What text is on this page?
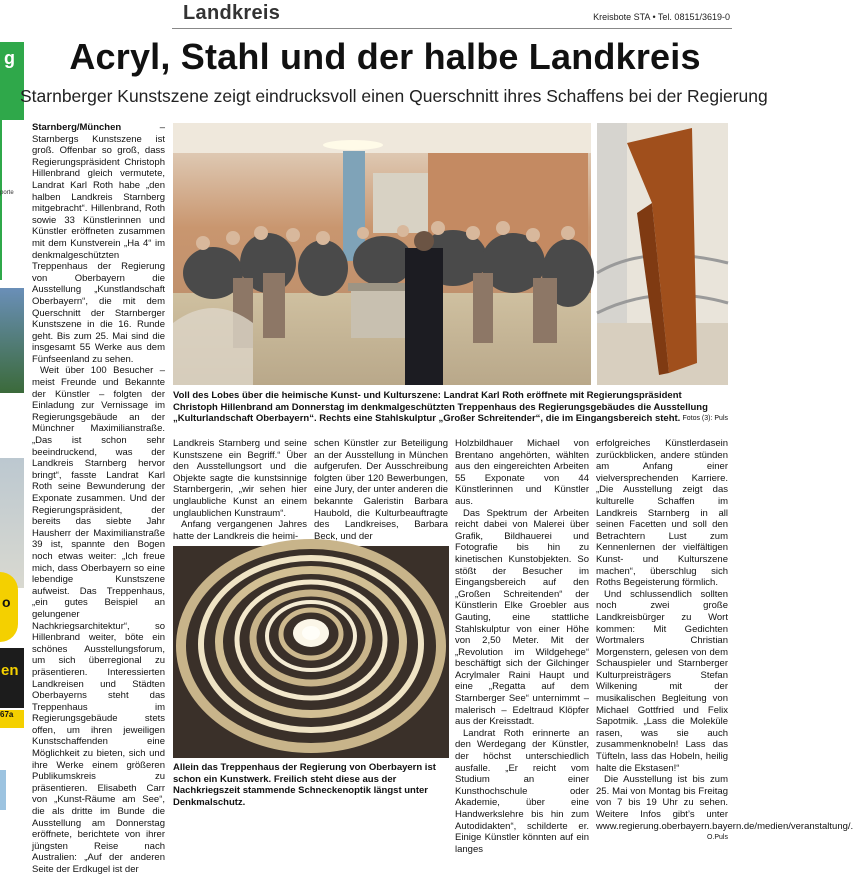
Landkreis	Kreisbote STA • Tel. 08151/3619-0
g
porte
o
en
67a
Acryl, Stahl und der halbe Landkreis
Starnberger Kunstszene zeigt eindrucksvoll einen Querschnitt ihres Schaffens bei der Regierung

Starnberg/München – Starnbergs Kunstszene ist groß. Offenbar so groß, dass Regierungspräsident Christoph Hillenbrand gleich vermutete, Landrat Karl Roth habe „den halben Landkreis Starnberg mitgebracht“. Hillenbrand, Roth sowie 33 Künstlerinnen und Künstler eröffneten zusammen mit dem Kunstverein „Ha 4“ im denkmalgeschützten Treppenhaus der Regierung von Oberbayern die Ausstellung „Kunstlandschaft Oberbayern“, die mit dem Querschnitt der Starnberger Kunstszene in die 16. Runde geht. Bis zum 25. Mai sind die insgesamt 55 Werke aus dem Fünfseenland zu sehen.

Weit über 100 Besucher – meist Freunde und Bekannte der Künstler – folgten der Einladung zur Vernissage im Regierungsgebäude an der Münchner Maximilianstraße. „Das ist schon sehr beeindruckend, was der Landkreis Starnberg hervor bringt“, fasste Landrat Karl Roth seine Bewunderung der Exponate zusammen. Und der Regierungspräsident, der bereits das siebte Jahr Hausherr der Maximilianstraße 39 ist, spannte den Bogen noch etwas weiter: „Ich freue mich, dass Oberbayern so eine lebendige Kunstszene aufweist. Das Treppenhaus, „ein gutes Beispiel an gelungener Nachkriegsarchitektur“, so Hillenbrand weiter, böte ein schönes Ausstellungsforum, um sich überregional zu präsentieren. Interessierten Landkreisen und Städten Oberbayerns steht das Treppenhaus im Regierungsgebäude stets offen, um ihren jeweiligen Kunstschaffenden eine Möglichkeit zu bieten, sich und ihre Werke einem größeren Publikumskreis zu präsentieren. Elisabeth Carr von „Kunst-Räume am See“, die als dritte im Bunde die Ausstellung am Donnerstag eröffnete, berichtete von ihrer jüngsten Reise nach Australien: „Auf der anderen Seite der Erdkugel ist der

Voll des Lobes über die heimische Kunst- und Kulturszene: Landrat Karl Roth eröffnete mit Regierungspräsident Christoph Hillenbrand am Donnerstag im denkmalgeschützten Treppenhaus des Regierungsgebäudes die Ausstellung „Kulturlandschaft Oberbayern“. Rechts eine Stahlskulptur „Großer Schreitender“, die im Eingangsbereich steht. Fotos (3): Puls

Landkreis Starnberg und seine Kunstszene ein Begriff.“ Über den Ausstellungsort und die Objekte sagte die kunstsinnige Starnbergerin, „wir sehen hier unglaubliche Kunst an einem unglaublichen Kunstraum“.

Anfang vergangenen Jahres hatte der Landkreis die heimi-

schen Künstler zur Beteiligung an der Ausstellung in München aufgerufen. Der Ausschreibung folgten über 120 Bewerbungen, eine Jury, der unter anderen die bekannte Galeristin Barbara Haubold, die Kulturbeauftragte des Landkreises, Barbara Beck, und der

Allein das Treppenhaus der Regierung von Oberbayern ist schon ein Kunstwerk. Freilich steht diese aus der Nachkriegszeit stammende Schneckenoptik längst unter Denkmalschutz.

Holzbildhauer Michael von Brentano angehörten, wählten aus den eingereichten Arbeiten 55 Exponate von 44 Künstlerinnen und Künstler aus.

Das Spektrum der Arbeiten reicht dabei von Malerei über Grafik, Bildhauerei und Fotografie bis hin zu kinetischen Kunstobjekten. So stößt der Besucher im Eingangsbereich auf den „Großen Schreitenden“ der Künstlerin Elke Groebler aus Gauting, eine stattliche Stahlskulptur von einer Höhe von 2,50 Meter. Mit der „Revolution im Wildgehege“ beschäftigt sich der Gilchinger Acrylmaler Raini Haupt und eine „Regatta auf dem Starnberger See“ unternimmt – malerisch – Edeltraud Klöpfer aus der Kreisstadt.

Landrat Roth erinnerte an den Werdegang der Künstler, der höchst unterschiedlich ausfalle. „Er reicht vom Studium an einer Kunsthochschule oder Akademie, über eine Handwerkslehre bis hin zum Autodidakten“, schilderte er. Einige Künstler könnten auf ein langes

erfolgreiches Künstlerdasein zurückblicken, andere stünden am Anfang einer vielversprechenden Karriere. „Die Ausstellung zeigt das kulturelle Schaffen im Landkreis Starnberg in all seinen Facetten und soll den Betrachtern Lust zum Kennenlernen der vielfältigen Kunst- und Kulturszene machen“, überschlug sich Roths Begeisterung förmlich.

Und schlussendlich sollten noch zwei große Landkreisbürger zu Wort kommen: Mit Gedichten Wortmalers Christian Morgenstern, gelesen von dem Schauspieler und Starnberger Kulturpreisträgers Stefan Wilkening mit der musikalischen Begleitung von Michael Gottfried und Felix Sapotmik. „Lass die Moleküle rasen, was sie auch zusammenknobeln! Lass das Tüfteln, lass das Hobeln, heilig halte die Ekstasen!“

Die Ausstellung ist bis zum 25. Mai von Montag bis Freitag von 7 bis 19 Uhr zu sehen. Weitere Infos gibt’s unter www.regierung.oberbayern.bayern.de/medien/veranstaltung/.

O.Puls
